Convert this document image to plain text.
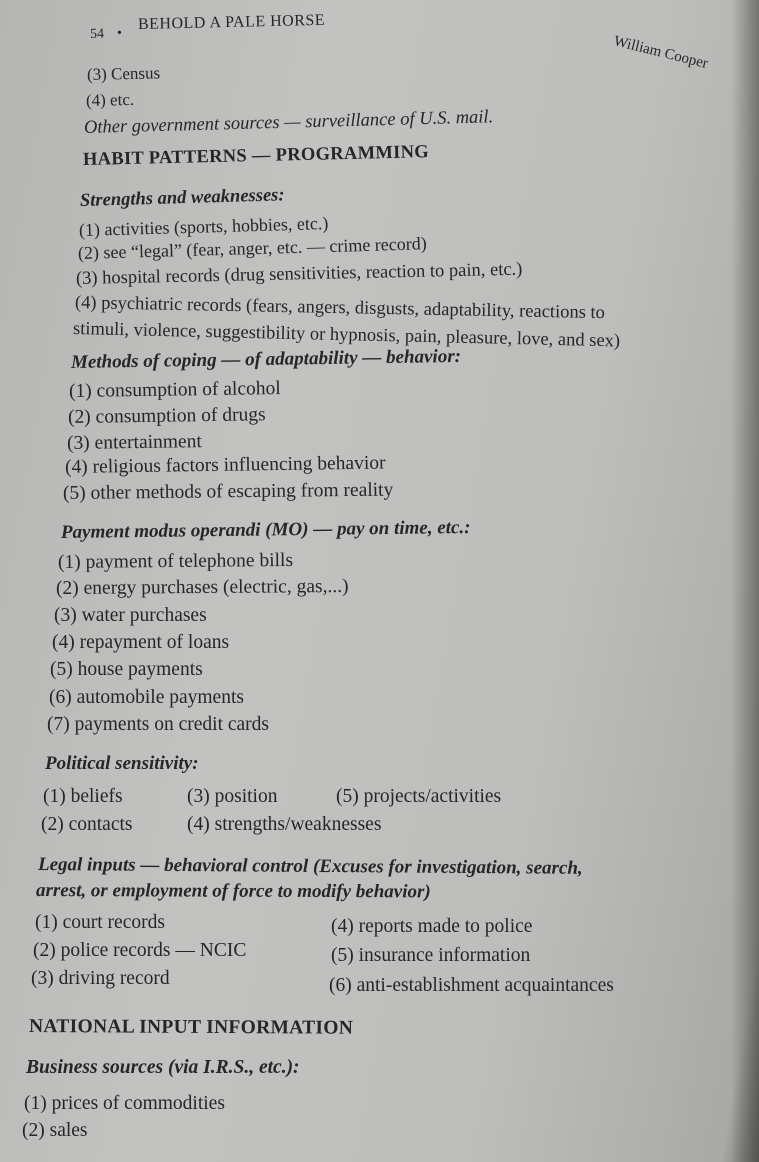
54 •
BEHOLD A PALE HORSE
William Cooper
(3) Census
(4) etc.
Other government sources — surveillance of U.S. mail.
HABIT PATTERNS — PROGRAMMING
Strengths and weaknesses:
(1) activities (sports, hobbies, etc.)
(2) see “legal” (fear, anger, etc. — crime record)
(3) hospital records (drug sensitivities, reaction to pain, etc.)
(4) psychiatric records (fears, angers, disgusts, adaptability, reactions to
stimuli, violence, suggestibility or hypnosis, pain, pleasure, love, and sex)
Methods of coping — of adaptability — behavior:
(1) consumption of alcohol
(2) consumption of drugs
(3) entertainment
(4) religious factors influencing behavior
(5) other methods of escaping from reality
Payment modus operandi (MO) — pay on time, etc.:
(1) payment of telephone bills
(2) energy purchases (electric, gas,...)
(3) water purchases
(4) repayment of loans
(5) house payments
(6) automobile payments
(7) payments on credit cards
Political sensitivity:
(1) beliefs	(3) position	(5) projects/activities
(2) contacts	(4) strengths/weaknesses
Legal inputs — behavioral control (Excuses for investigation, search,
arrest, or employment of force to modify behavior)
(1) court records	(4) reports made to police
(2) police records — NCIC	(5) insurance information
(3) driving record	(6) anti-establishment acquaintances
NATIONAL INPUT INFORMATION
Business sources (via I.R.S., etc.):
(1) prices of commodities
(2) sales
